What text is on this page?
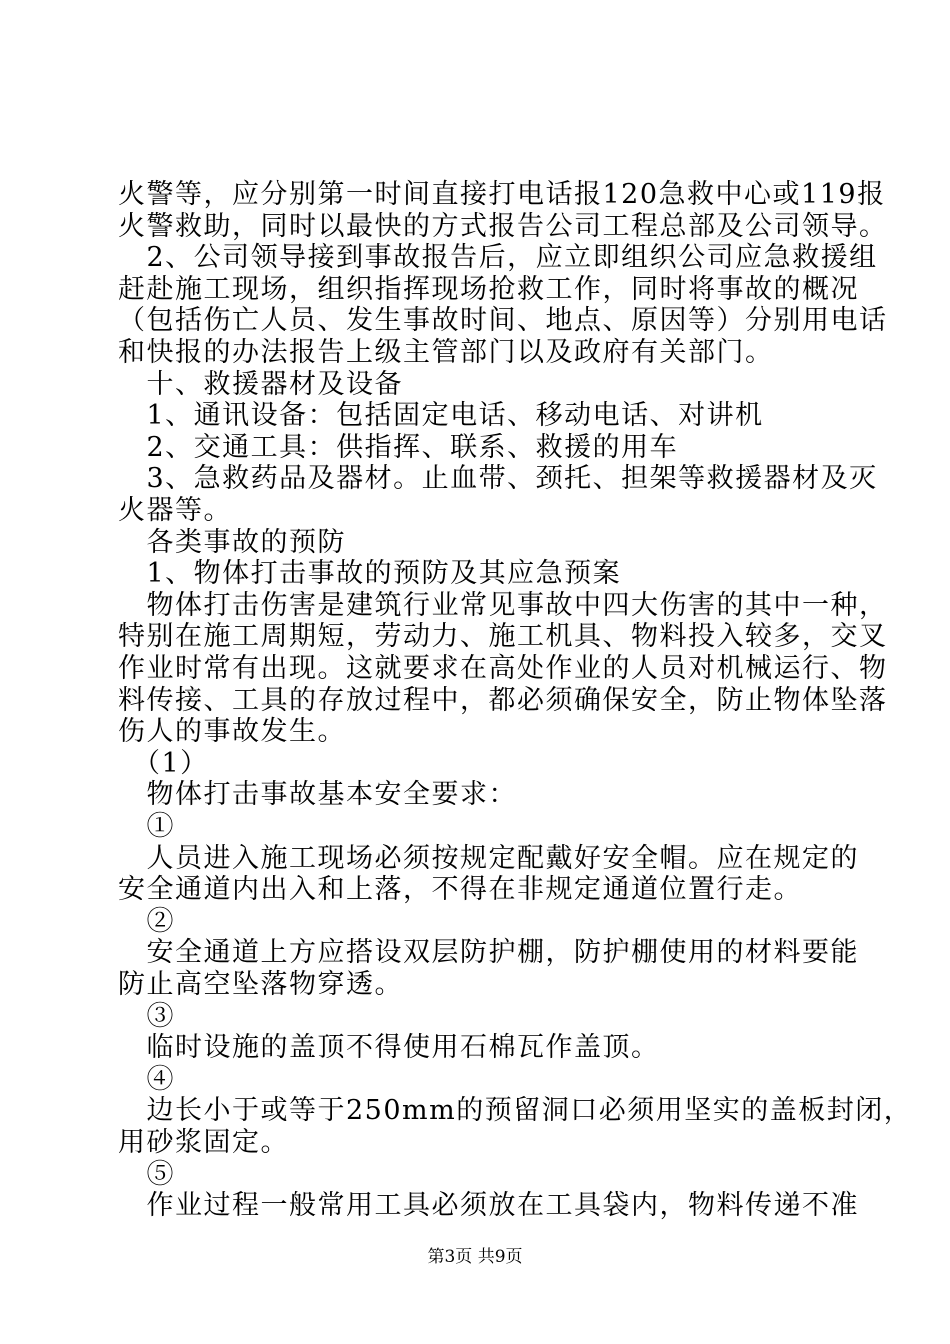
火警等，应分别第一时间直接打电话报120急救中心或119报
火警救助，同时以最快的方式报告公司工程总部及公司领导。
　2、公司领导接到事故报告后，应立即组织公司应急救援组
赶赴施工现场，组织指挥现场抢救工作，同时将事故的概况
（包括伤亡人员、发生事故时间、地点、原因等）分别用电话
和快报的办法报告上级主管部门以及政府有关部门。
　十、救援器材及设备
　1、通讯设备：包括固定电话、移动电话、对讲机
　2、交通工具：供指挥、联系、救援的用车
　3、急救药品及器材。止血带、颈托、担架等救援器材及灭
火器等。
　各类事故的预防
　1、物体打击事故的预防及其应急预案
　物体打击伤害是建筑行业常见事故中四大伤害的其中一种，
特别在施工周期短，劳动力、施工机具、物料投入较多，交叉
作业时常有出现。这就要求在高处作业的人员对机械运行、物
料传接、工具的存放过程中，都必须确保安全，防止物体坠落
伤人的事故发生。
　（1）
　物体打击事故基本安全要求：
　①
　人员进入施工现场必须按规定配戴好安全帽。应在规定的
安全通道内出入和上落，不得在非规定通道位置行走。
　②
　安全通道上方应搭设双层防护棚，防护棚使用的材料要能
防止高空坠落物穿透。
　③
　临时设施的盖顶不得使用石棉瓦作盖顶。
　④
　边长小于或等于250mm的预留洞口必须用坚实的盖板封闭，
用砂浆固定。
　⑤
　作业过程一般常用工具必须放在工具袋内，物料传递不准
第3页 共9页
